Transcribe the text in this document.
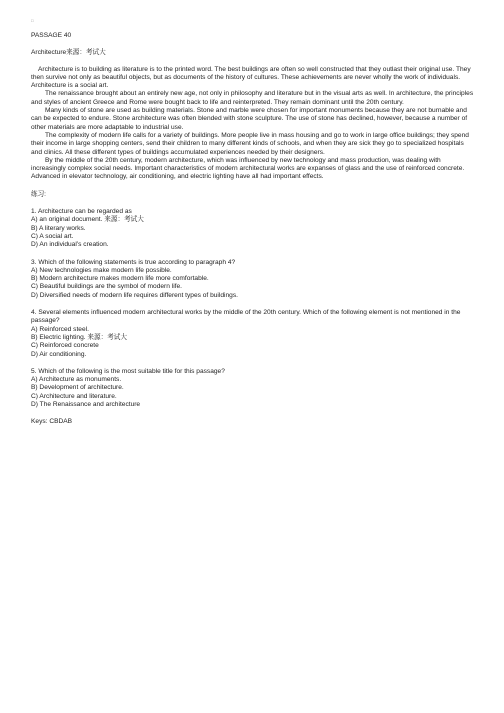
□
PASSAGE 40
Architecture来源：考试大

Architecture is to building as literature is to the printed word. The best buildings are often so well constructed that they outlast their original use. They then survive not only as beautiful objects, but as documents of the history of cultures. These achievements are never wholly the work of individuals. Architecture is a social art.

The renaissance brought about an entirely new age, not only in philosophy and literature but in the visual arts as well. In architecture, the principles and styles of ancient Greece and Rome were bought back to life and reinterpreted. They remain dominant until the 20th century.

Many kinds of stone are used as building materials. Stone and marble were chosen for important monuments because they are not burnable and can be expected to endure. Stone architecture was often blended with stone sculpture. The use of stone has declined, however, because a number of other materials are more adaptable to industrial use.

The complexity of modern life calls for a variety of buildings. More people live in mass housing and go to work in large office buildings; they spend their income in large shopping centers, send their children to many different kinds of schools, and when they are sick they go to specialized hospitals and clinics. All these different types of buildings accumulated experiences needed by their designers.

By the middle of the 20th century, modern architecture, which was influenced by new technology and mass production, was dealing with increasingly complex social needs. Important characteristics of modern architectural works are expanses of glass and the use of reinforced concrete. Advanced in elevator technology, air conditioning, and electric lighting have all had important effects.

练习:
1. Architecture can be regarded as
A) an original document. 来源：考试大
B) A literary works.
C) A social art.
D) An individual’s creation.
3. Which of the following statements is true according to paragraph 4?
A) New technologies make modern life possible.
B) Modern architecture makes modern life more comfortable.
C) Beautiful buildings are the symbol of modern life.
D) Diversified needs of modern life requires different types of buildings.
4. Several elements influenced modern architectural works by the middle of the 20th century. Which of the following element is not mentioned in the passage?
A) Reinforced steel.
B) Electric lighting. 来源：考试大
C) Reinforced concrete
D) Air conditioning.
5. Which of the following is the most suitable title for this passage?
A) Architecture as monuments.
B) Development of architecture.
C) Architecture and literature.
D) The Renaissance and architecture
Keys: CBDAB
